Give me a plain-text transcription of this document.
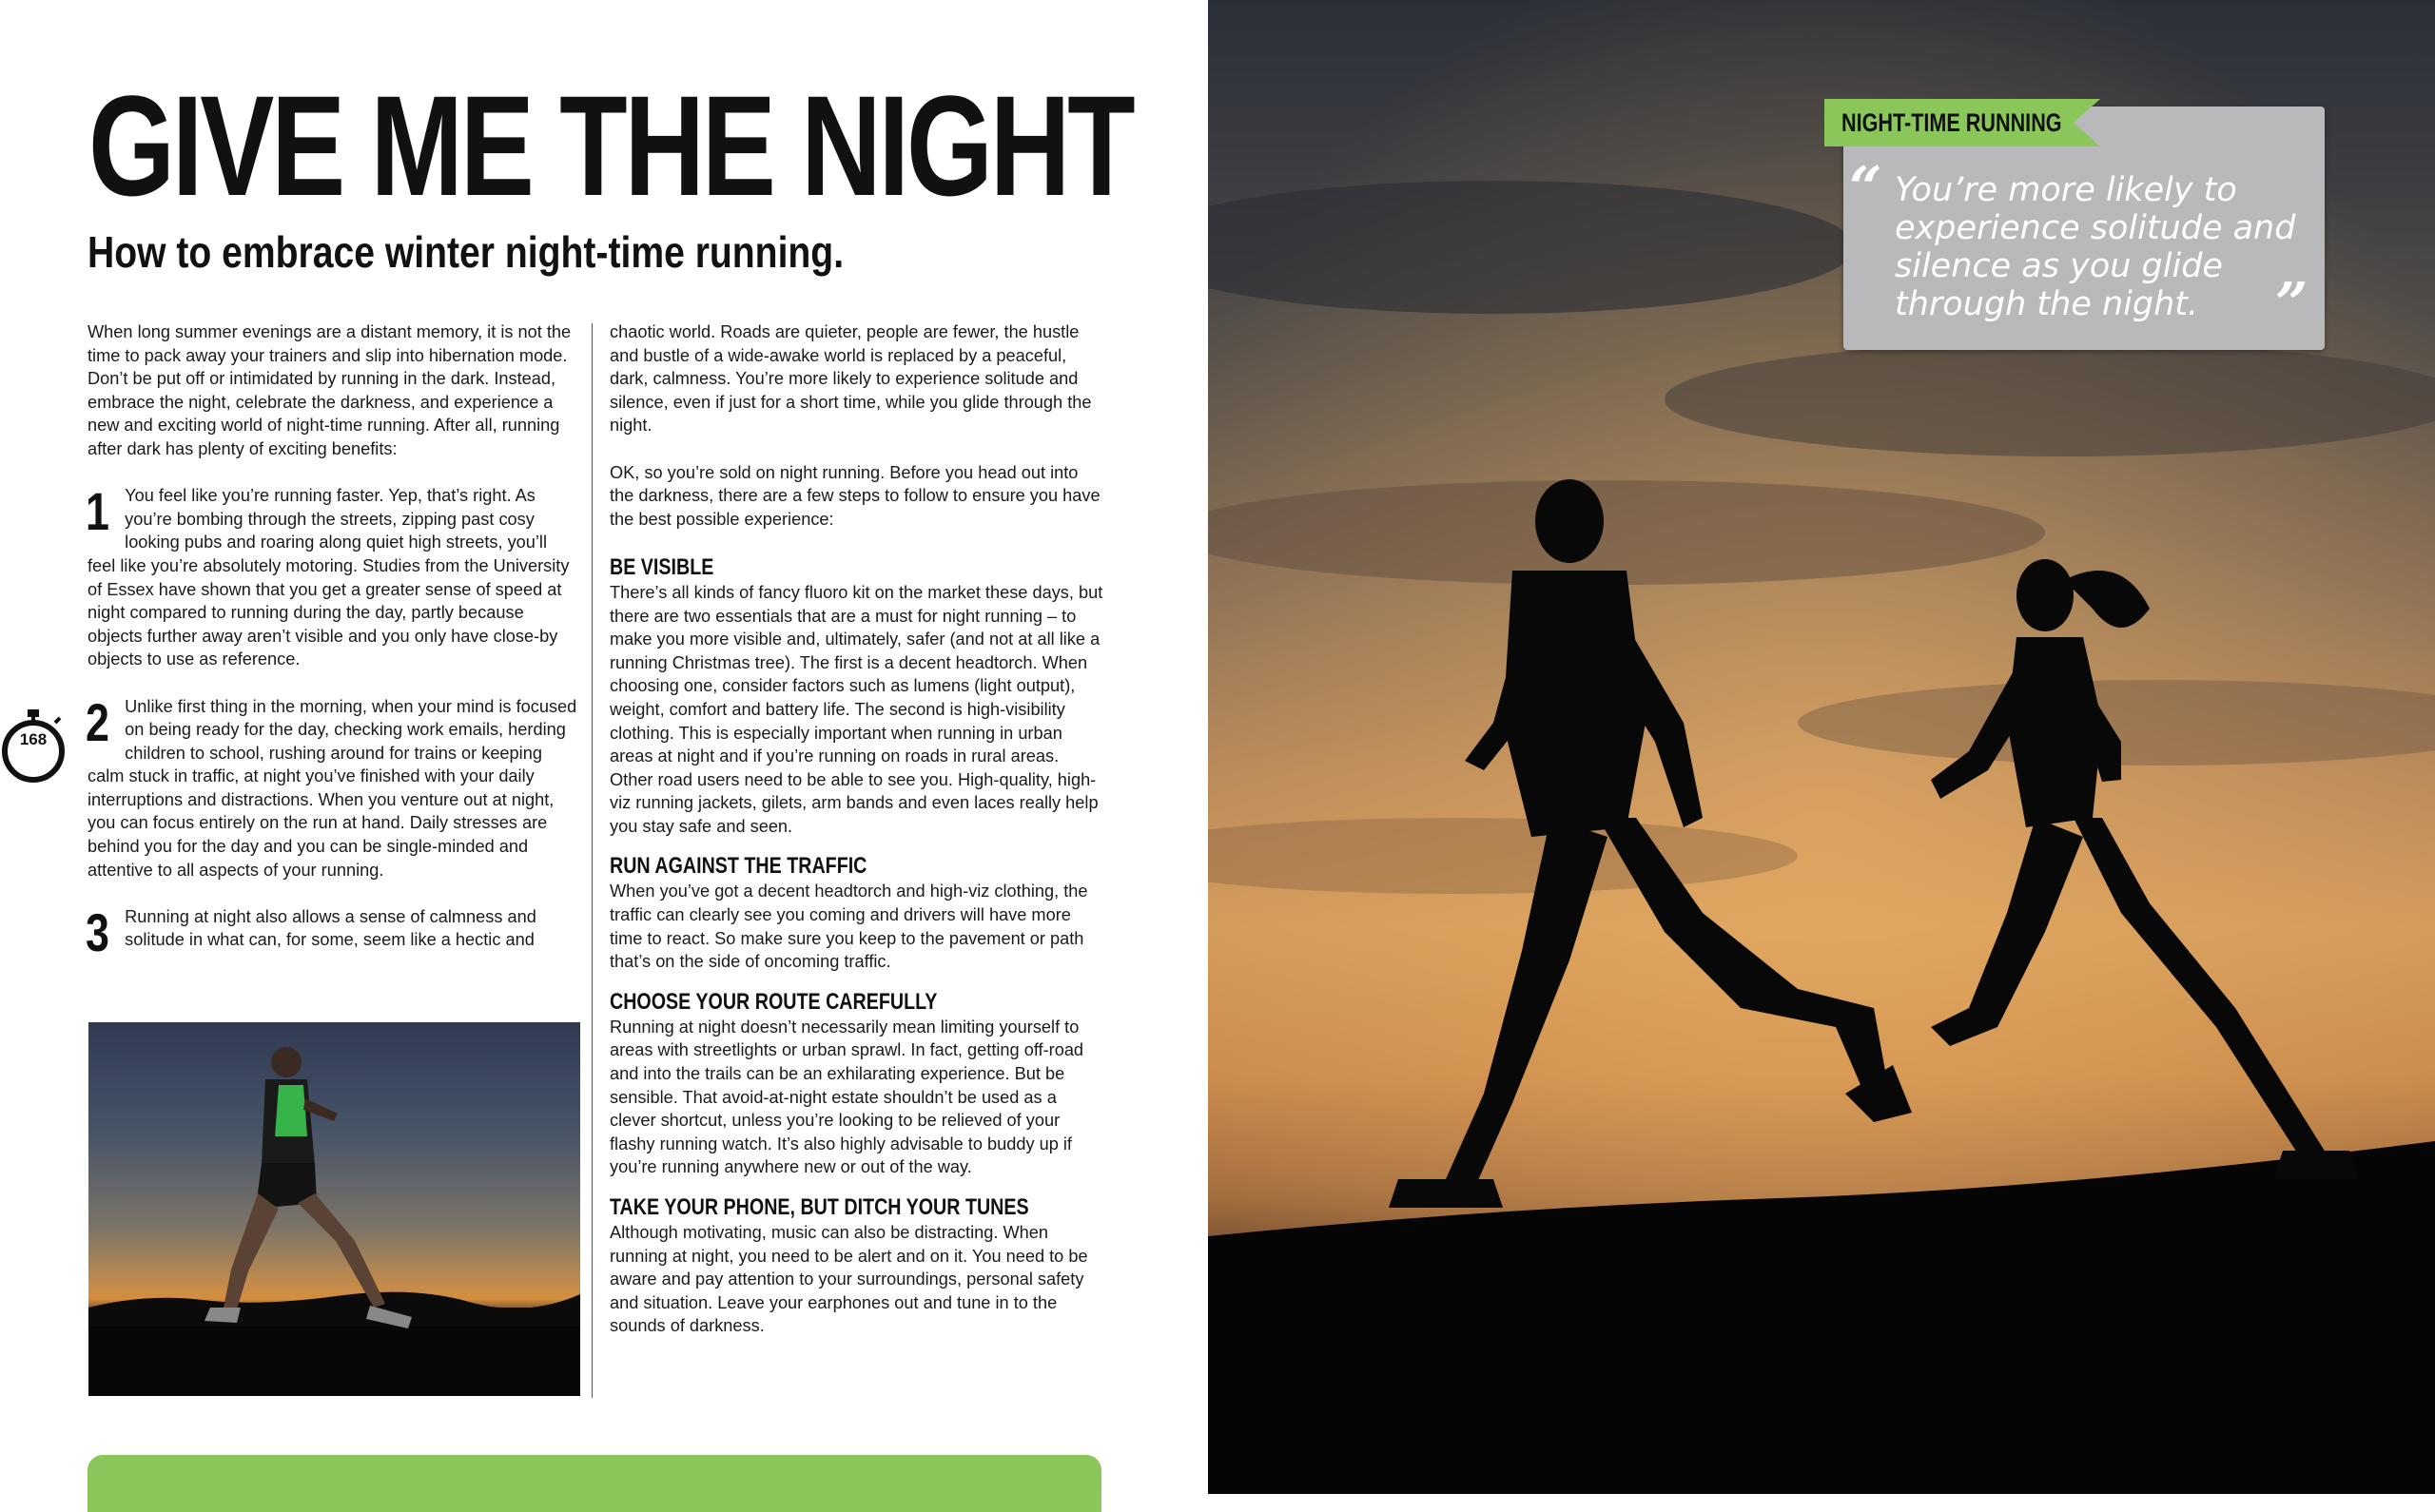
GIVE ME THE NIGHT
How to embrace winter night-time running.

When long summer evenings are a distant memory, it is not the time to pack away your trainers and slip into hibernation mode. Don’t be put off or intimidated by running in the dark. Instead, embrace the night, celebrate the darkness, and experience a new and exciting world of night-time running. After all, running after dark has plenty of exciting benefits:

1 You feel like you’re running faster. Yep, that’s right. As you’re bombing through the streets, zipping past cosy looking pubs and roaring along quiet high streets, you’ll feel like you’re absolutely motoring. Studies from the University of Essex have shown that you get a greater sense of speed at night compared to running during the day, partly because objects further away aren’t visible and you only have close-by objects to use as reference.
2 Unlike first thing in the morning, when your mind is focused on being ready for the day, checking work emails, herding children to school, rushing around for trains or keeping calm stuck in traffic, at night you’ve finished with your daily interruptions and distractions. When you venture out at night, you can focus entirely on the run at hand. Daily stresses are behind you for the day and you can be single-minded and attentive to all aspects of your running.
3 Running at night also allows a sense of calmness and solitude in what can, for some, seem like a hectic and

chaotic world. Roads are quieter, people are fewer, the hustle and bustle of a wide-awake world is replaced by a peaceful, dark, calmness. You’re more likely to experience solitude and silence, even if just for a short time, while you glide through the night.

OK, so you’re sold on night running. Before you head out into the darkness, there are a few steps to follow to ensure you have the best possible experience:

BE VISIBLE
There’s all kinds of fancy fluoro kit on the market these days, but there are two essentials that are a must for night running – to make you more visible and, ultimately, safer (and not at all like a running Christmas tree). The first is a decent headtorch. When choosing one, consider factors such as lumens (light output), weight, comfort and battery life. The second is high-visibility clothing. This is especially important when running in urban areas at night and if you’re running on roads in rural areas. Other road users need to be able to see you. High-quality, high-viz running jackets, gilets, arm bands and even laces really help you stay safe and seen.
RUN AGAINST THE TRAFFIC
When you’ve got a decent headtorch and high-viz clothing, the traffic can clearly see you coming and drivers will have more time to react. So make sure you keep to the pavement or path that’s on the side of oncoming traffic.
CHOOSE YOUR ROUTE CAREFULLY
Running at night doesn’t necessarily mean limiting yourself to areas with streetlights or urban sprawl. In fact, getting off-road and into the trails can be an exhilarating experience. But be sensible. That avoid-at-night estate shouldn’t be used as a clever shortcut, unless you’re looking to be relieved of your flashy running watch. It’s also highly advisable to buddy up if you’re running anywhere new or out of the way.
TAKE YOUR PHONE, BUT DITCH YOUR TUNES
Although motivating, music can also be distracting. When running at night, you need to be alert and on it. You need to be aware and pay attention to your surroundings, personal safety and situation. Leave your earphones out and tune in to the sounds of darkness.
168
NIGHT-TIME RUNNING
“ You’re more likely to experience solitude and silence as you glide through the night.	”
